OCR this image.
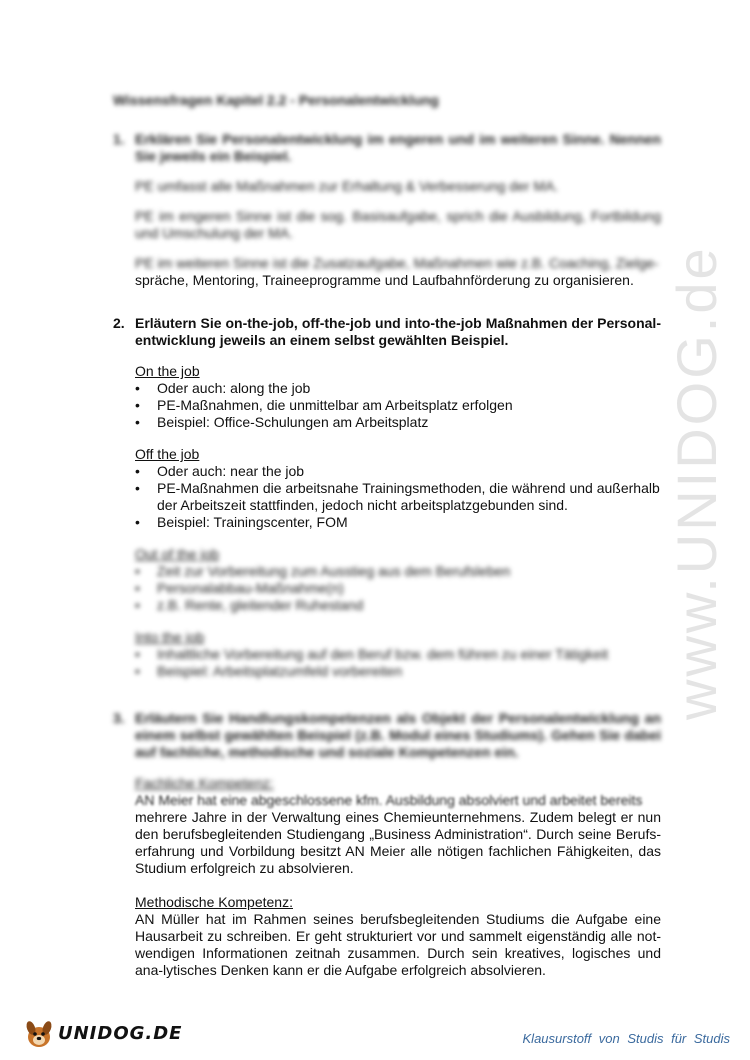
www.UNIDOG.de
Wissensfragen Kapitel 2.2 - Personalentwicklung
1. Erklären Sie Personalentwicklung im engeren und im weiteren Sinne. Nennen Sie jeweils ein Beispiel.
PE umfasst alle Maßnahmen zur Erhaltung & Verbesserung der MA.
PE im engeren Sinne ist die sog. Basisaufgabe, sprich die Ausbildung, Fortbildung und Umschulung der MA.
PE im weiteren Sinne ist die Zusatzaufgabe, Maßnahmen wie z.B. Coaching, Zielge-
spräche, Mentoring, Traineeprogramme und Laufbahnförderung zu organisieren.
2. Erläutern Sie on-the-job, off-the-job und into-the-job Maßnahmen der Personal-entwicklung jeweils an einem selbst gewählten Beispiel.
On the job
• Oder auch: along the job
• PE-Maßnahmen, die unmittelbar am Arbeitsplatz erfolgen
• Beispiel: Office-Schulungen am Arbeitsplatz
Off the job
• Oder auch: near the job
• PE-Maßnahmen die arbeitsnahe Trainingsmethoden, die während und außerhalb der Arbeitszeit stattfinden, jedoch nicht arbeitsplatzgebunden sind.
• Beispiel: Trainingscenter, FOM
Out of the job
• Zeit zur Vorbereitung zum Ausstieg aus dem Berufsleben
• Personalabbau-Maßnahme(n)
• z.B. Rente, gleitender Ruhestand
Into the job
• Inhaltliche Vorbereitung auf den Beruf bzw. dem führen zu einer Tätigkeit
• Beispiel: Arbeitsplatzumfeld vorbereiten
3. Erläutern Sie Handlungskompetenzen als Objekt der Personalentwicklung an einem selbst gewählten Beispiel (z.B. Modul eines Studiums). Gehen Sie dabei auf fachliche, methodische und soziale Kompetenzen ein.
Fachliche Kompetenz:
AN Meier hat eine abgeschlossene kfm. Ausbildung absolviert und arbeitet bereits
mehrere Jahre in der Verwaltung eines Chemieunternehmens. Zudem belegt er nun den berufsbegleitenden Studiengang „Business Administration“. Durch seine Berufs-erfahrung und Vorbildung besitzt AN Meier alle nötigen fachlichen Fähigkeiten, das Studium erfolgreich zu absolvieren.
Methodische Kompetenz:
AN Müller hat im Rahmen seines berufsbegleitenden Studiums die Aufgabe eine Hausarbeit zu schreiben. Er geht strukturiert vor und sammelt eigenständig alle not-wendigen Informationen zeitnah zusammen. Durch sein kreatives, logisches und ana-lytisches Denken kann er die Aufgabe erfolgreich absolvieren.
UNIDOG.DE	Klausurstoff von Studis für Studis
